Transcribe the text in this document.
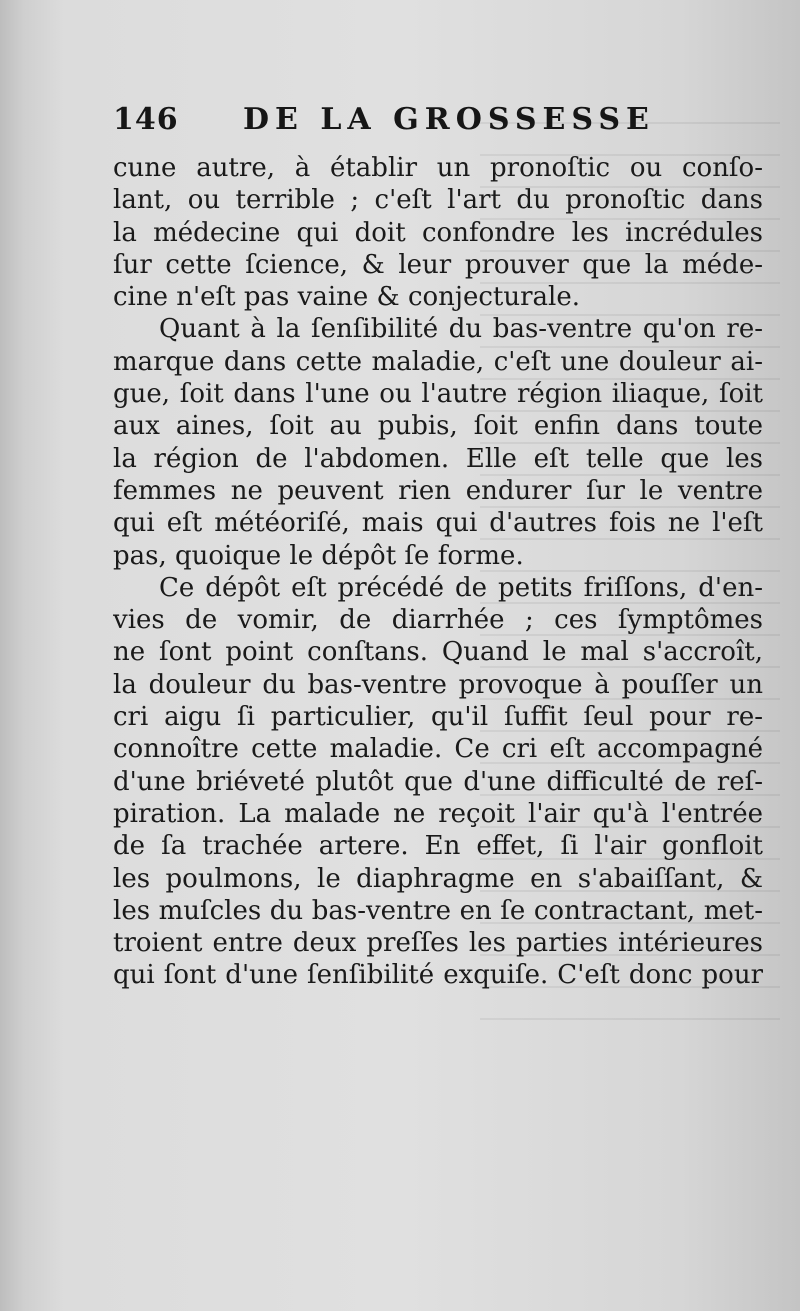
146 DE LA GROSSESSE
cune autre, à établir un pronoſtic ou conſo-
lant, ou terrible ; c'eſt l'art du pronoſtic dans
la médecine qui doit confondre les incrédules
ſur cette ſcience, & leur prouver que la méde-
cine n'eſt pas vaine & conjecturale.
Quant à la ſenſibilité du bas-ventre qu'on re-
marque dans cette maladie, c'eſt une douleur ai-
gue, ſoit dans l'une ou l'autre région iliaque, ſoit
aux aines, ſoit au pubis, ſoit enfin dans toute
la région de l'abdomen. Elle eſt telle que les
femmes ne peuvent rien endurer ſur le ventre
qui eſt météoriſé, mais qui d'autres fois ne l'eſt
pas, quoique le dépôt ſe forme.
Ce dépôt eſt précédé de petits friſſons, d'en-
vies de vomir, de diarrhée ; ces ſymptômes
ne ſont point conſtans. Quand le mal s'accroît,
la douleur du bas-ventre provoque à pouſſer un
cri aigu ſi particulier, qu'il ſuffit ſeul pour re-
connoître cette maladie. Ce cri eſt accompagné
d'une briéveté plutôt que d'une difficulté de reſ-
piration. La malade ne reçoit l'air qu'à l'entrée
de ſa trachée artere. En effet, ſi l'air gonfloit
les poulmons, le diaphragme en s'abaiſſant, &
les muſcles du bas-ventre en ſe contractant, met-
troient entre deux preſſes les parties intérieures
qui ſont d'une ſenſibilité exquiſe. C'eſt donc pour
